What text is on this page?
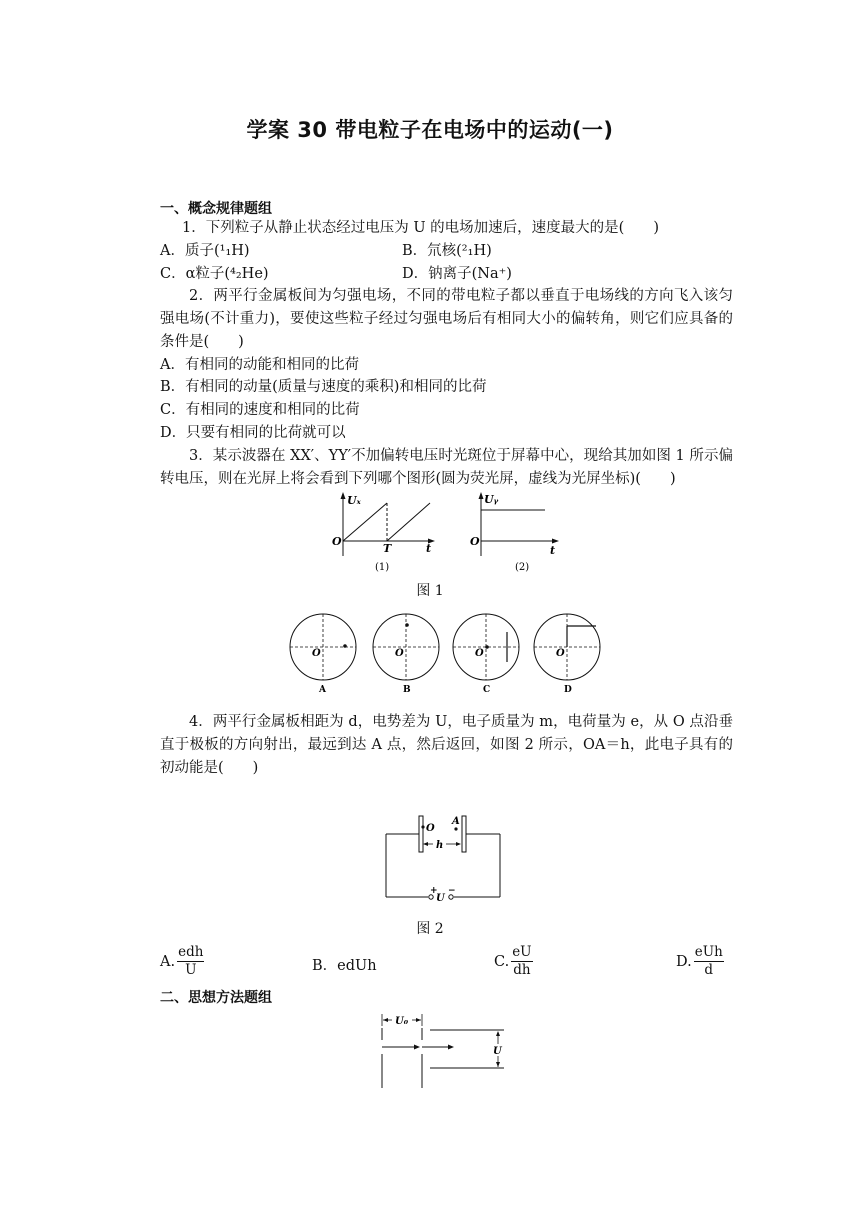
学案 30 带电粒子在电场中的运动(一)
一、概念规律题组
1．下列粒子从静止状态经过电压为 U 的电场加速后，速度最大的是(　　)
A．质子(¹₁H)	B．氘核(²₁H)
C．α粒子(⁴₂He)	D．钠离子(Na⁺)
2．两平行金属板间为匀强电场，不同的带电粒子都以垂直于电场线的方向飞入该匀强电场(不计重力)，要使这些粒子经过匀强电场后有相同大小的偏转角，则它们应具备的条件是(　　)
A．有相同的动能和相同的比荷
B．有相同的动量(质量与速度的乘积)和相同的比荷
C．有相同的速度和相同的比荷
D．只要有相同的比荷就可以
3．某示波器在 XX′、YY′不加偏转电压时光斑位于屏幕中心，现给其加如图 1 所示偏转电压，则在光屏上将会看到下列哪个图形(圆为荧光屏，虚线为光屏坐标)(　　)
Uₓ
O
T	t
(1)
Uᵧ
O
t
(2)
图 1
O
A
O
B
O
C
O
D
4．两平行金属板相距为 d，电势差为 U，电子质量为 m，电荷量为 e，从 O 点沿垂直于极板的方向射出，最远到达 A 点，然后返回，如图 2 所示，OA＝h，此电子具有的初动能是(　　)
O
A
h
+
U
−
图 2
A. $\frac{\text{edh}}{U}$	B．edUh	C. $\frac{eU}{dh}$	D. $\frac{\text{eUh}}{d}$
二、思想方法题组
U₀
U
